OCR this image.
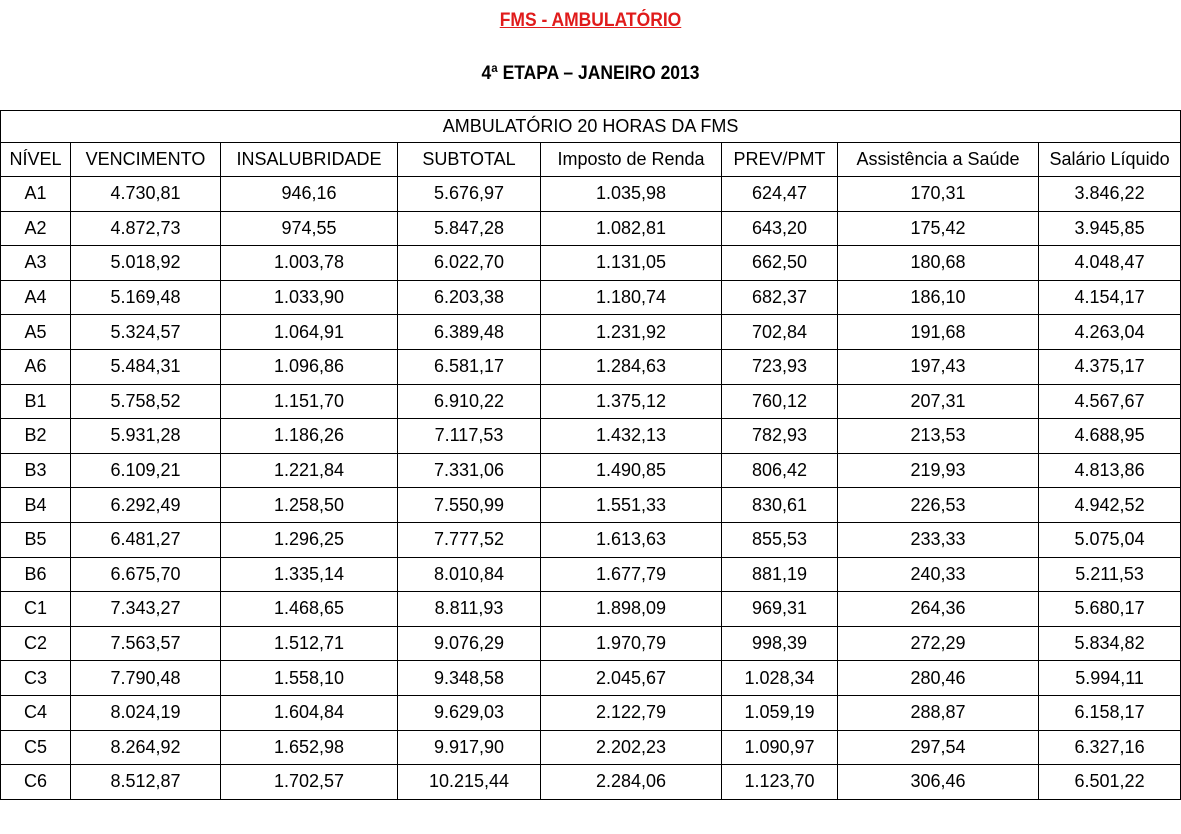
FMS - AMBULATÓRIO
4ª ETAPA – JANEIRO 2013
AMBULATÓRIO 20 HORAS DA FMS							
NÍVEL	VENCIMENTO	INSALUBRIDADE	SUBTOTAL	Imposto de Renda	PREV/PMT	Assistência a Saúde	Salário Líquido
A1	4.730,81	946,16	5.676,97	1.035,98	624,47	170,31	3.846,22
A2	4.872,73	974,55	5.847,28	1.082,81	643,20	175,42	3.945,85
A3	5.018,92	1.003,78	6.022,70	1.131,05	662,50	180,68	4.048,47
A4	5.169,48	1.033,90	6.203,38	1.180,74	682,37	186,10	4.154,17
A5	5.324,57	1.064,91	6.389,48	1.231,92	702,84	191,68	4.263,04
A6	5.484,31	1.096,86	6.581,17	1.284,63	723,93	197,43	4.375,17
B1	5.758,52	1.151,70	6.910,22	1.375,12	760,12	207,31	4.567,67
B2	5.931,28	1.186,26	7.117,53	1.432,13	782,93	213,53	4.688,95
B3	6.109,21	1.221,84	7.331,06	1.490,85	806,42	219,93	4.813,86
B4	6.292,49	1.258,50	7.550,99	1.551,33	830,61	226,53	4.942,52
B5	6.481,27	1.296,25	7.777,52	1.613,63	855,53	233,33	5.075,04
B6	6.675,70	1.335,14	8.010,84	1.677,79	881,19	240,33	5.211,53
C1	7.343,27	1.468,65	8.811,93	1.898,09	969,31	264,36	5.680,17
C2	7.563,57	1.512,71	9.076,29	1.970,79	998,39	272,29	5.834,82
C3	7.790,48	1.558,10	9.348,58	2.045,67	1.028,34	280,46	5.994,11
C4	8.024,19	1.604,84	9.629,03	2.122,79	1.059,19	288,87	6.158,17
C5	8.264,92	1.652,98	9.917,90	2.202,23	1.090,97	297,54	6.327,16
C6	8.512,87	1.702,57	10.215,44	2.284,06	1.123,70	306,46	6.501,22
